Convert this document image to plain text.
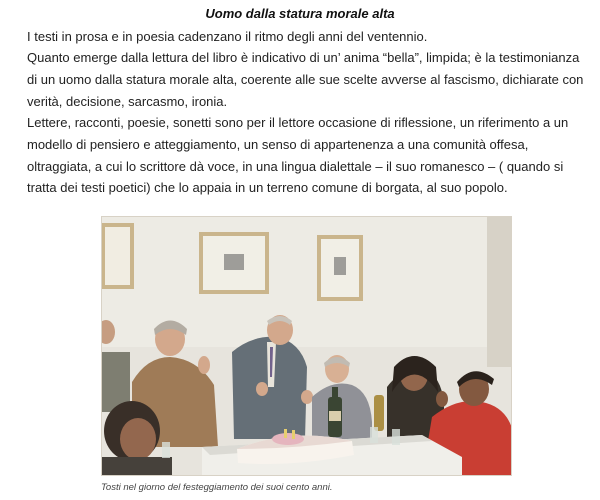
Uomo dalla statura morale alta

I testi in prosa e in poesia cadenzano il ritmo degli anni del ventennio.

Quanto emerge dalla lettura del libro è indicativo di un’ anima “bella”, limpida; è la testimonianza di un uomo dalla statura morale alta, coerente alle sue scelte avverse al fascismo, dichiarate con verità, decisione, sarcasmo, ironia.

Lettere, racconti, poesie, sonetti sono per il lettore occasione di riflessione, un riferimento a un modello di pensiero e atteggiamento, un senso di appartenenza a una comunità offesa, oltraggiata, a cui lo scrittore dà voce, in una lingua dialettale – il suo romanesco – ( quando si tratta dei testi poetici) che lo appaia in un terreno comune di borgata, al suo popolo.

Tosti nel giorno del festeggiamento dei suoi cento anni.
